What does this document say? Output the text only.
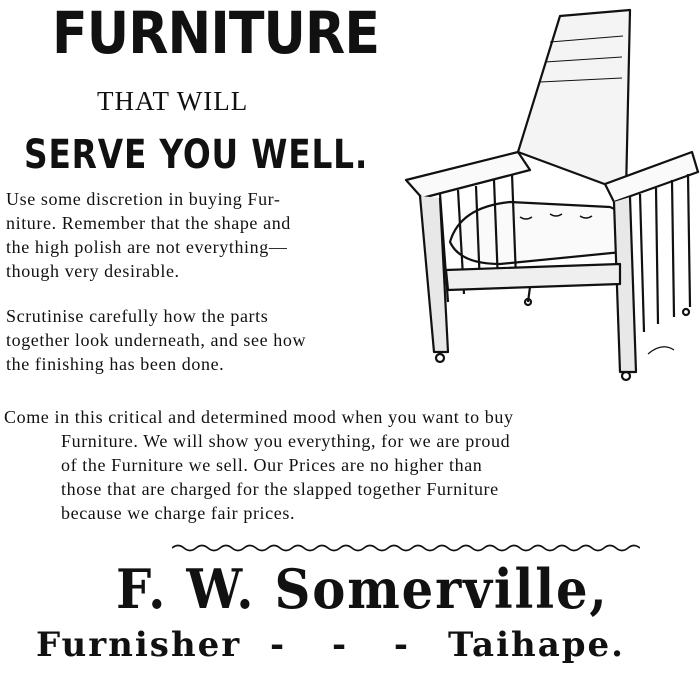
FURNITURE
THAT WILL
SERVE YOU WELL.
Use some discretion in buying Fur-
niture. Remember that the shape and
the high polish are not everything—
though very desirable.
Scrutinise carefully how the parts
together look underneath, and see how
the finishing has been done.
Come in this critical and determined mood when you want to buy
Furniture. We will show you everything, for we are proud
of the Furniture we sell. Our Prices are no higher than
those that are charged for the slapped together Furniture
because we charge fair prices.
F. W. Somerville,
Furnisher - - - Taihape.
